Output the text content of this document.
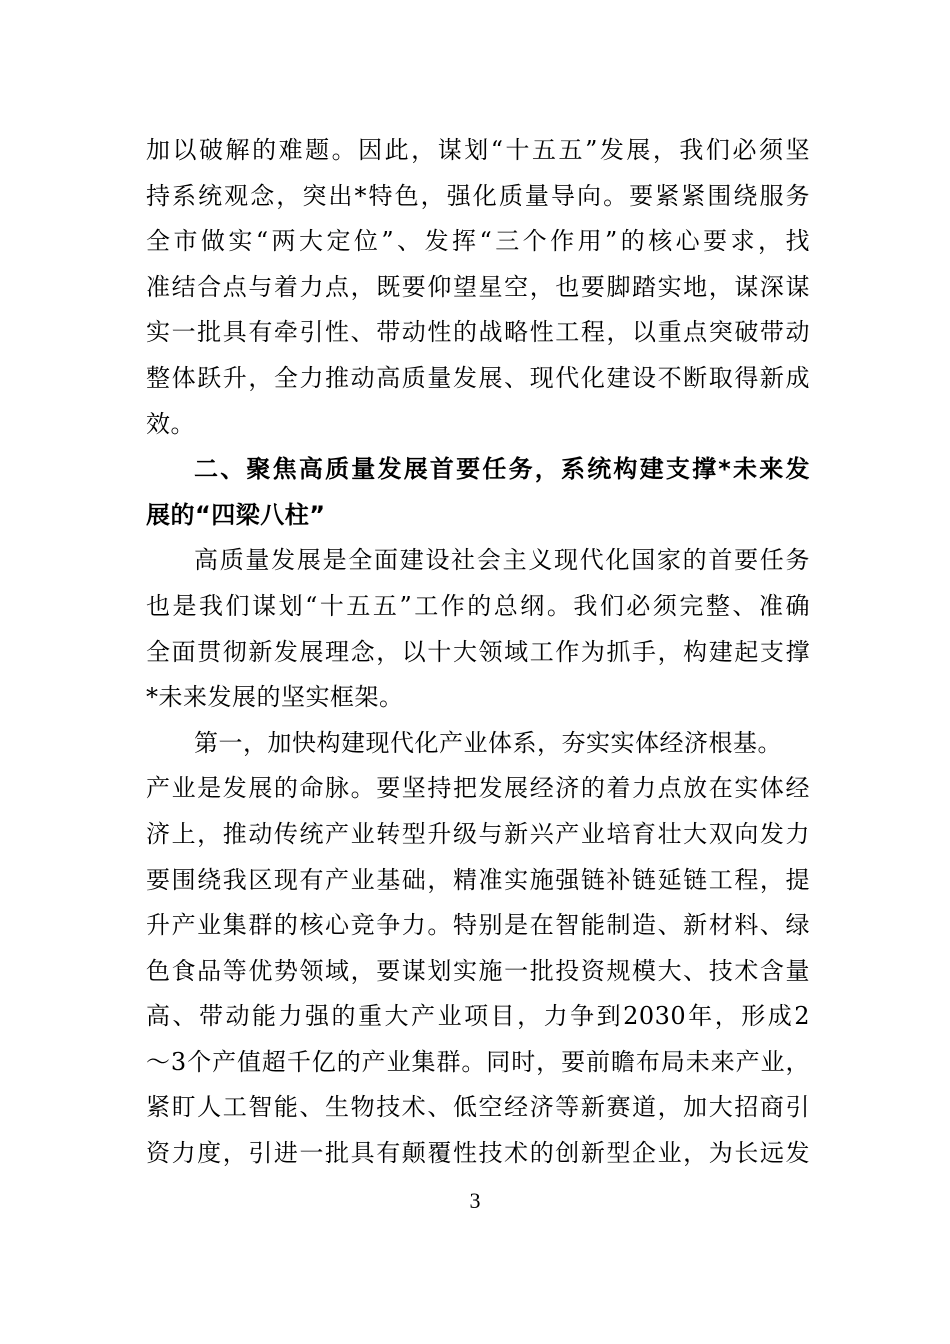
加以破解的难题。因此，谋划“十五五”发展，我们必须坚
持系统观念，突出*特色，强化质量导向。要紧紧围绕服务
全市做实“两大定位”、发挥“三个作用”的核心要求，找
准结合点与着力点，既要仰望星空，也要脚踏实地，谋深谋
实一批具有牵引性、带动性的战略性工程，以重点突破带动
整体跃升，全力推动高质量发展、现代化建设不断取得新成
效。
二、聚焦高质量发展首要任务，系统构建支撑*未来发
展的“四梁八柱”
高质量发展是全面建设社会主义现代化国家的首要任务
也是我们谋划“十五五”工作的总纲。我们必须完整、准确
全面贯彻新发展理念，以十大领域工作为抓手，构建起支撑
*未来发展的坚实框架。
第一，加快构建现代化产业体系，夯实实体经济根基。
产业是发展的命脉。要坚持把发展经济的着力点放在实体经
济上，推动传统产业转型升级与新兴产业培育壮大双向发力
要围绕我区现有产业基础，精准实施强链补链延链工程，提
升产业集群的核心竞争力。特别是在智能制造、新材料、绿
色食品等优势领域，要谋划实施一批投资规模大、技术含量
高、带动能力强的重大产业项目，力争到2030年，形成2
～3个产值超千亿的产业集群。同时，要前瞻布局未来产业，
紧盯人工智能、生物技术、低空经济等新赛道，加大招商引
资力度，引进一批具有颠覆性技术的创新型企业，为长远发
3
